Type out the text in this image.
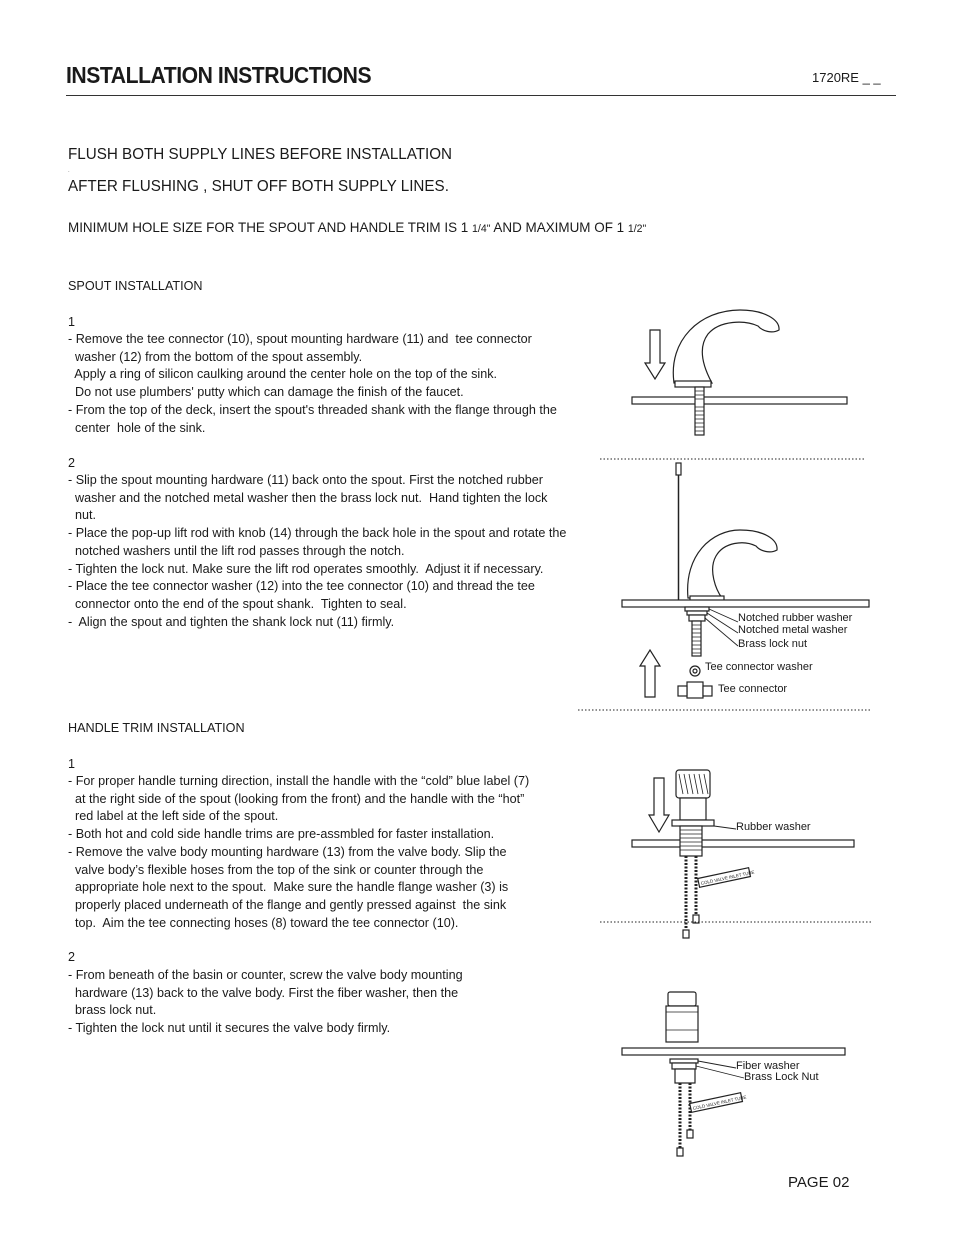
INSTALLATION INSTRUCTIONS	1720RE _ _
FLUSH BOTH SUPPLY LINES BEFORE INSTALLATION
.
AFTER FLUSHING , SHUT OFF BOTH SUPPLY LINES.
MINIMUM HOLE SIZE FOR THE SPOUT AND HANDLE TRIM IS 1 1/4" AND MAXIMUM OF 1 1/2"
SPOUT INSTALLATION
1
- Remove the tee connector (10), spout mounting hardware (11) and  tee connector
washer (12) from the bottom of the spout assembly.
Apply a ring of silicon caulking around the center hole on the top of the sink.
Do not use plumbers' putty which can damage the finish of the faucet.
- From the top of the deck, insert the spout's threaded shank with the flange through the
center  hole of the sink.
2
- Slip the spout mounting hardware (11) back onto the spout. First the notched rubber
washer and the notched metal washer then the brass lock nut.  Hand tighten the lock
nut.
- Place the pop-up lift rod with knob (14) through the back hole in the spout and rotate the
notched washers until the lift rod passes through the notch.
- Tighten the lock nut. Make sure the lift rod operates smoothly.  Adjust it if necessary.
- Place the tee connector washer (12) into the tee connector (10) and thread the tee
connector onto the end of the spout shank.  Tighten to seal.
-  Align the spout and tighten the shank lock nut (11) firmly.
HANDLE TRIM INSTALLATION
1
- For proper handle turning direction, install the handle with the “cold” blue label (7)
at the right side of the spout (looking from the front) and the handle with the “hot”
red label at the left side of the spout.
- Both hot and cold side handle trims are pre-assmbled for faster installation.
- Remove the valve body mounting hardware (13) from the valve body. Slip the
valve body’s flexible hoses from the top of the sink or counter through the
appropriate hole next to the spout.  Make sure the handle flange washer (3) is
properly placed underneath of the flange and gently pressed against  the sink
top.  Aim the tee connecting hoses (8) toward the tee connector (10).
2
- From beneath of the basin or counter, screw the valve body mounting
hardware (13) back to the valve body. First the fiber washer, then the
brass lock nut.
- Tighten the lock nut until it secures the valve body firmly.
COLD VALVE INLET TUBE
COLD VALVE INLET TUBE
Notched rubber washer
Notched metal washer
Brass lock nut
Tee connector washer
Tee connector
Rubber washer
Fiber washer
Brass Lock Nut
PAGE 02
